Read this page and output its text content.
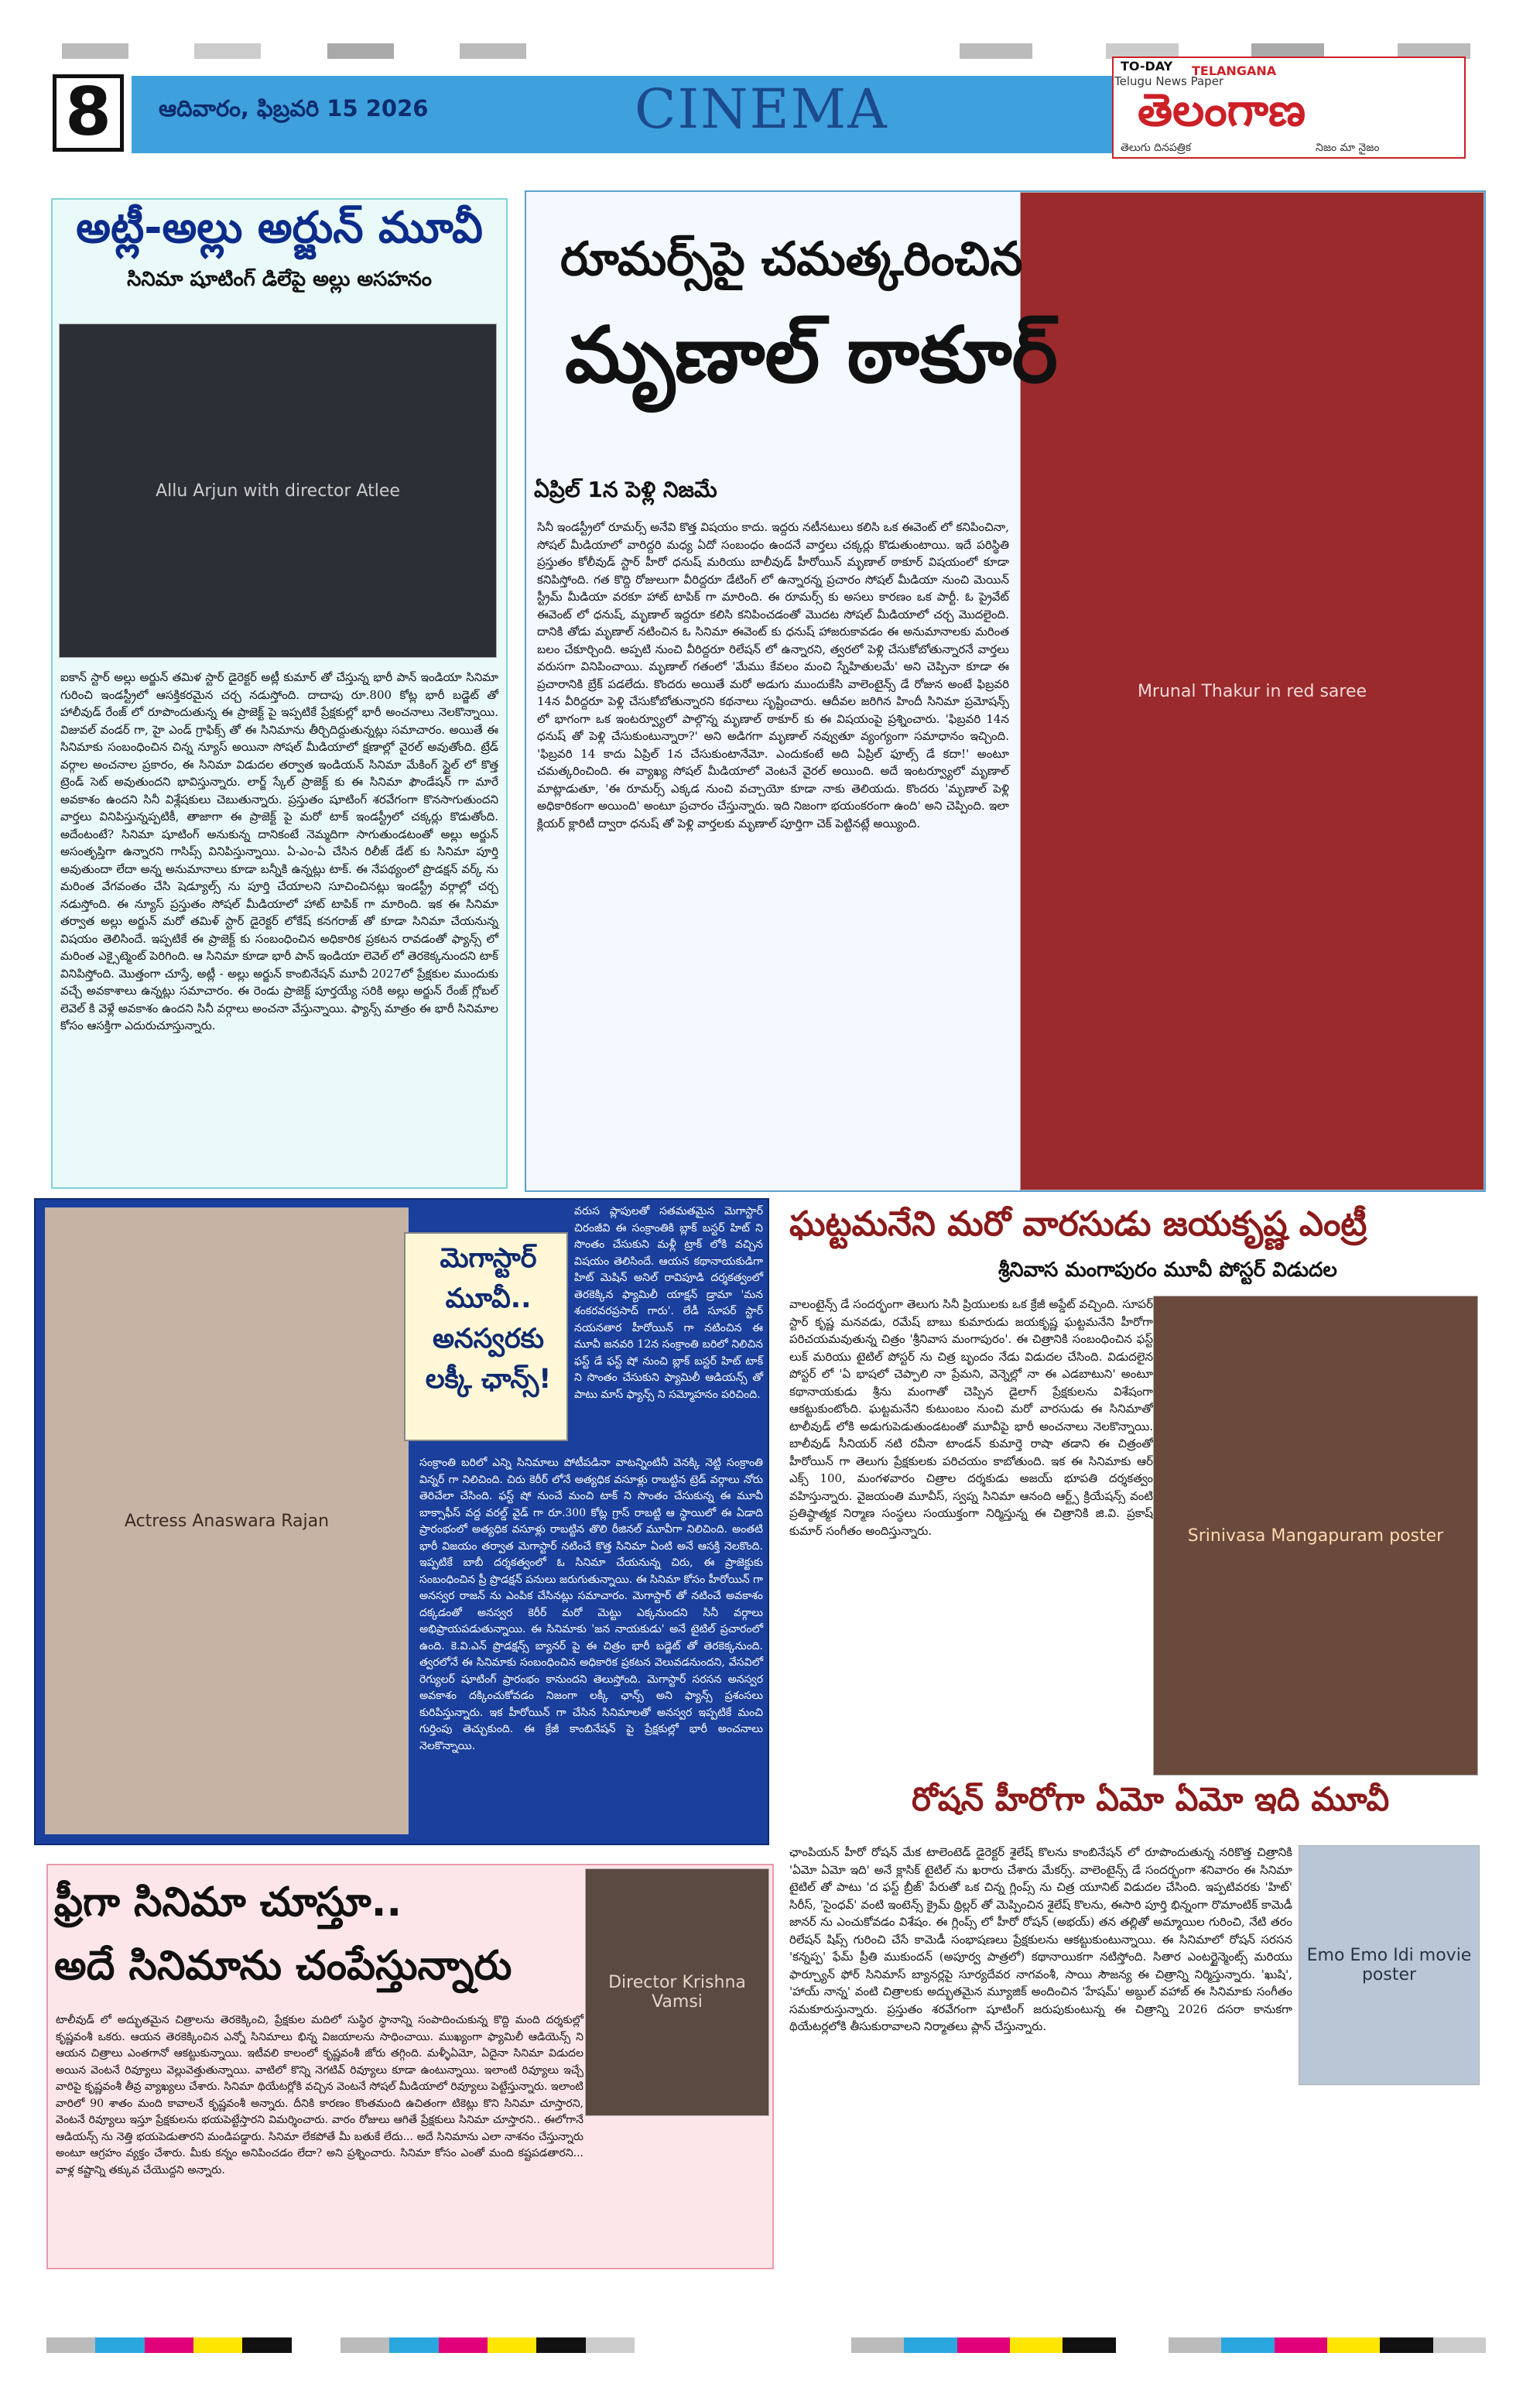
8	ఆదివారం, ఫిబ్రవరి 15 2026	CINEMA
TO-DAY TELANGANA
Telugu News Paper
తెలంగాణ
తెలుగు దినపత్రిక	నిజం మా నైజం
అట్లీ-అల్లు అర్జున్ మూవీ
సినిమా షూటింగ్ డిలేపై అల్లు అసహనం
Allu Arjun with director Atlee

ఐకాన్ స్టార్ అల్లు అర్జున్ తమిళ స్టార్ డైరెక్టర్ అట్లీ కుమార్ తో చేస్తున్న భారీ పాన్ ఇండియా సినిమా గురించి ఇండస్ట్రీలో ఆసక్తికరమైన చర్చ నడుస్తోంది. దాదాపు రూ.800 కోట్ల భారీ బడ్జెట్ తో హాలీవుడ్ రేంజ్ లో రూపొందుతున్న ఈ ప్రాజెక్ట్ పై ఇప్పటికే ప్రేక్షకుల్లో భారీ అంచనాలు నెలకొన్నాయి. విజువల్ వండర్ గా, హై ఎండ్ గ్రాఫిక్స్ తో ఈ సినిమాను తీర్చిదిద్దుతున్నట్లు సమాచారం. అయితే ఈ సినిమాకు సంబంధించిన చిన్న న్యూస్ అయినా సోషల్ మీడియాలో క్షణాల్లో వైరల్ అవుతోంది. ట్రేడ్ వర్గాల అంచనాల ప్రకారం, ఈ సినిమా విడుదల తర్వాత ఇండియన్ సినిమా మేకింగ్ స్టైల్ లో కొత్త ట్రెండ్ సెట్ అవుతుందని భావిస్తున్నారు. లార్జ్ స్కేల్ ప్రాజెక్ట్ కు ఈ సినిమా ఫౌండేషన్ గా మారే అవకాశం ఉందని సినీ విశ్లేషకులు చెబుతున్నారు. ప్రస్తుతం షూటింగ్ శరవేగంగా కొనసాగుతుందని వార్తలు వినిపిస్తున్నప్పటికీ, తాజాగా ఈ ప్రాజెక్ట్ పై మరో టాక్ ఇండస్ట్రీలో చక్కర్లు కొడుతోంది. అదేంటంటే? సినిమా షూటింగ్ అనుకున్న దానికంటే నెమ్మదిగా సాగుతుండటంతో అల్లు అర్జున్ అసంతృప్తిగా ఉన్నారని గాసిప్స్ వినిపిస్తున్నాయి. ఏ-ఎం-ఏ చేసిన రిలీజ్ డేట్ కు సినిమా పూర్తి అవుతుందా లేదా అన్న అనుమానాలు కూడా బన్నీకి ఉన్నట్లు టాక్. ఈ నేపథ్యంలో ప్రొడక్షన్ వర్క్ ను మరింత వేగవంతం చేసి షెడ్యూల్స్ ను పూర్తి చేయాలని సూచించినట్లు ఇండస్ట్రీ వర్గాల్లో చర్చ నడుస్తోంది. ఈ న్యూస్ ప్రస్తుతం సోషల్ మీడియాలో హాట్ టాపిక్ గా మారింది. ఇక ఈ సినిమా తర్వాత అల్లు అర్జున్ మరో తమిళ్ స్టార్ డైరెక్టర్ లోకేష్ కనగరాజ్ తో కూడా సినిమా చేయనున్న విషయం తెలిసిందే. ఇప్పటికే ఈ ప్రాజెక్ట్ కు సంబంధించిన అధికారిక ప్రకటన రావడంతో ఫ్యాన్స్ లో మరింత ఎక్సైట్మెంట్ పెరిగింది. ఆ సినిమా కూడా భారీ పాన్ ఇండియా లెవెల్ లో తెరకెక్కనుందని టాక్ వినిపిస్తోంది. మొత్తంగా చూస్తే, అట్లీ - అల్లు అర్జున్ కాంబినేషన్ మూవీ 2027లో ప్రేక్షకుల ముందుకు వచ్చే అవకాశాలు ఉన్నట్లు సమాచారం. ఈ రెండు ప్రాజెక్ట్ పూర్తయ్యే సరికి అల్లు అర్జున్ రేంజ్ గ్లోబల్ లెవెల్ కి వెళ్లే అవకాశం ఉందని సినీ వర్గాలు అంచనా వేస్తున్నాయి. ఫ్యాన్స్ మాత్రం ఈ భారీ సినిమాల కోసం ఆసక్తిగా ఎదురుచూస్తున్నారు.

Mrunal Thakur in red saree
రూమర్స్‌పై చమత్కరించిన
మృణాల్ ఠాకూర్
ఏప్రిల్ 1న పెళ్లి నిజమే

సినీ ఇండస్ట్రీలో రూమర్స్ అనేవి కొత్త విషయం కాదు. ఇద్దరు నటీనటులు కలిసి ఒక ఈవెంట్ లో కనిపించినా, సోషల్ మీడియాలో వారిద్దరి మధ్య ఏదో సంబంధం ఉందనే వార్తలు చక్కర్లు కొడుతుంటాయి. ఇదే పరిస్థితి ప్రస్తుతం కోలీవుడ్ స్టార్ హీరో ధనుష్ మరియు బాలీవుడ్ హీరోయిన్ మృణాల్ ఠాకూర్ విషయంలో కూడా కనిపిస్తోంది. గత కొద్ది రోజులుగా వీరిద్దరూ డేటింగ్ లో ఉన్నారన్న ప్రచారం సోషల్ మీడియా నుంచి మెయిన్ స్ట్రీమ్ మీడియా వరకూ హాట్ టాపిక్ గా మారింది. ఈ రూమర్స్ కు అసలు కారణం ఒక పార్టీ. ఓ ప్రైవేట్ ఈవెంట్ లో ధనుష్, మృణాల్ ఇద్దరూ కలిసి కనిపించడంతో మొదట సోషల్ మీడియాలో చర్చ మొదలైంది. దానికి తోడు మృణాల్ నటించిన ఓ సినిమా ఈవెంట్ కు ధనుష్ హాజరుకావడం ఈ అనుమానాలకు మరింత బలం చేకూర్చింది. అప్పటి నుంచి వీరిద్దరూ రిలేషన్ లో ఉన్నారని, త్వరలో పెళ్లి చేసుకోబోతున్నారనే వార్తలు వరుసగా వినిపించాయి. మృణాల్ గతంలో 'మేము కేవలం మంచి స్నేహితులమే' అని చెప్పినా కూడా ఈ ప్రచారానికి బ్రేక్ పడలేదు. కొందరు అయితే మరో అడుగు ముందుకేసి వాలెంటైన్స్ డే రోజున అంటే ఫిబ్రవరి 14న వీరిద్దరూ పెళ్లి చేసుకోబోతున్నారని కథనాలు సృష్టించారు. ఆదీవల జరిగిన హిందీ సినిమా ప్రమోషన్స్ లో భాగంగా ఒక ఇంటర్వ్యూలో పాల్గొన్న మృణాల్ ఠాకూర్ కు ఈ విషయంపై ప్రశ్నించారు. 'ఫిబ్రవరి 14న ధనుష్ తో పెళ్లి చేసుకుంటున్నారా?' అని అడిగగా మృణాల్ నవ్వుతూ వ్యంగ్యంగా సమాధానం ఇచ్చింది. 'ఫిబ్రవరి 14 కాదు ఏప్రిల్ 1న చేసుకుంటానేమో. ఎందుకంటే అది ఏప్రిల్ ఫూల్స్ డే కదా!' అంటూ చమత్కరించింది. ఈ వ్యాఖ్య సోషల్ మీడియాలో వెంటనే వైరల్ అయింది. అదే ఇంటర్వ్యూలో మృణాల్ మాట్లాడుతూ, 'ఈ రూమర్స్ ఎక్కడ నుంచి వచ్చాయో కూడా నాకు తెలియదు. కొందరు 'మృణాల్ పెళ్లి అధికారికంగా అయింది' అంటూ ప్రచారం చేస్తున్నారు. ఇది నిజంగా భయంకరంగా ఉంది' అని చెప్పింది. ఇలా క్లియర్ క్లారిటీ ద్వారా ధనుష్ తో పెళ్లి వార్తలకు మృణాల్ పూర్తిగా చెక్ పెట్టినట్లే అయ్యింది.

Actress Anaswara Rajan
మెగాస్టార్
మూవీ..
అనస్వరకు
లక్కీ ఛాన్స్!

వరుస ప్లాపులతో సతమతమైన మెగాస్టార్ చిరంజీవి ఈ సంక్రాంతికి బ్లాక్ బస్టర్ హిట్ ని సొంతం చేసుకుని మళ్లీ ట్రాక్ లోకి వచ్చిన విషయం తెలిసిందే. ఆయన కథానాయకుడిగా హిట్ మెషిన్ అనిల్ రావిపూడి దర్శకత్వంలో తెరకెక్కిన ఫ్యామిలీ యాక్షన్ డ్రామా 'మన శంకరవరప్రసాద్ గారు'. లేడీ సూపర్ స్టార్ నయనతార హీరోయిన్ గా నటించిన ఈ మూవీ జనవరి 12న సంక్రాంతి బరిలో నిలిచిన ఫస్ట్ డే ఫస్ట్ షో నుంచి బ్లాక్ బస్టర్ హిట్ టాక్ ని సొంతం చేసుకుని ఫ్యామిలీ ఆడియన్స్ తో పాటు మాస్ ఫ్యాన్స్ ని సమ్మోహనం పరిచింది.

సంక్రాంతి బరిలో ఎన్ని సినిమాలు పోటీపడినా వాటన్నింటినీ వెనక్కి నెట్టి సంక్రాంతి విన్నర్ గా నిలిచింది. చిరు కెరీర్ లోనే అత్యధిక వసూళ్లు రాబట్టిన ట్రెడ్ వర్గాలు నోరు తెరిచేలా చేసింది. ఫస్ట్ షో నుంచే మంచి టాక్ ని సొంతం చేసుకున్న ఈ మూవీ బాక్సాఫీస్ వద్ద వరల్డ్ వైడ్ గా రూ.300 కోట్ల గ్రాస్ రాబట్టి ఆ స్థాయిలో ఈ ఏడాది ప్రారంభంలో అత్యధిక వసూళ్లు రాబట్టిన తొలి రీజినల్ మూవీగా నిలిచింది. అంతటి భారీ విజయం తర్వాత మెగాస్టార్ నటించే కొత్త సినిమా ఏంటి అనే ఆసక్తి నెలకొంది. ఇప్పటికే బాబీ దర్శకత్వంలో ఓ సినిమా చేయనున్న చిరు, ఈ ప్రాజెక్టుకు సంబంధించిన ప్రీ ప్రొడక్షన్ పనులు జరుగుతున్నాయి. ఈ సినిమా కోసం హీరోయిన్ గా అనస్వర రాజన్ ను ఎంపిక చేసినట్లు సమాచారం. మెగాస్టార్ తో నటించే అవకాశం దక్కడంతో అనస్వర కెరీర్ మరో మెట్టు ఎక్కనుందని సినీ వర్గాలు అభిప్రాయపడుతున్నాయి. ఈ సినిమాకు 'జన నాయకుడు' అనే టైటిల్ ప్రచారంలో ఉంది. కె.వి.ఎన్ ప్రొడక్షన్స్ బ్యానర్ పై ఈ చిత్రం భారీ బడ్జెట్ తో తెరకెక్కనుంది. త్వరలోనే ఈ సినిమాకు సంబంధించిన అధికారిక ప్రకటన వెలువడనుందని, వేసవిలో రెగ్యులర్ షూటింగ్ ప్రారంభం కానుందని తెలుస్తోంది. మెగాస్టార్ సరసన అనస్వర అవకాశం దక్కించుకోవడం నిజంగా లక్కీ ఛాన్స్ అని ఫ్యాన్స్ ప్రశంసలు కురిపిస్తున్నారు. ఇక హీరోయిన్ గా చేసిన సినిమాలతో అనస్వర ఇప్పటికే మంచి గుర్తింపు తెచ్చుకుంది. ఈ క్రేజీ కాంబినేషన్ పై ప్రేక్షకుల్లో భారీ అంచనాలు నెలకొన్నాయి.

ఘట్టమనేని మరో వారసుడు జయకృష్ణ ఎంట్రీ
శ్రీనివాస మంగాపురం మూవీ పోస్టర్ విడుదల

వాలంటైన్స్ డే సందర్భంగా తెలుగు సినీ ప్రియులకు ఒక క్రేజీ అప్డేట్ వచ్చింది. సూపర్ స్టార్ కృష్ణ మనవడు, రమేష్ బాబు కుమారుడు జయకృష్ణ ఘట్టమనేని హీరోగా పరిచయమవుతున్న చిత్రం 'శ్రీనివాస మంగాపురం'. ఈ చిత్రానికి సంబంధించిన ఫస్ట్ లుక్ మరియు టైటిల్ పోస్టర్ ను చిత్ర బృందం నేడు విడుదల చేసింది. విడుదలైన పోస్టర్ లో 'ఏ భాషలో చెప్పాలి నా ప్రేమని, వెన్నెల్లో నా ఈ ఎడబాటుని' అంటూ కథానాయకుడు శ్రీను మంగాతో చెప్పిన డైలాగ్ ప్రేక్షకులను విశేషంగా ఆకట్టుకుంటోంది. ఘట్టమనేని కుటుంబం నుంచి మరో వారసుడు ఈ సినిమాతో టాలీవుడ్ లోకి అడుగుపెడుతుండటంతో మూవీపై భారీ అంచనాలు నెలకొన్నాయి. బాలీవుడ్ సీనియర్ నటి రవీనా టాండన్ కుమార్తె రాషా తడాని ఈ చిత్రంతో హీరోయిన్ గా తెలుగు ప్రేక్షకులకు పరిచయం కాబోతుంది. ఇక ఈ సినిమాకు ఆర్ ఎక్స్ 100, మంగళవారం చిత్రాల దర్శకుడు అజయ్ భూపతి దర్శకత్వం వహిస్తున్నారు. వైజయంతి మూవీస్, స్వప్న సినిమా ఆనంది ఆర్ట్స్ క్రియేషన్స్ వంటి ప్రతిష్ఠాత్మక నిర్మాణ సంస్థలు సంయుక్తంగా నిర్మిస్తున్న ఈ చిత్రానికి జి.వి. ప్రకాష్ కుమార్ సంగీతం అందిస్తున్నారు.	Srinivasa Mangapuram poster
రోషన్ హీరోగా ఏమో ఏమో ఇది మూవీ

ఛాంపియన్ హీరో రోషన్ మేక టాలెంటెడ్ డైరెక్టర్ శైలేష్ కొలను కాంబినేషన్ లో రూపొందుతున్న నరికొత్త చిత్రానికి 'ఏమో ఏమో ఇది' అనే క్లాసిక్ టైటిల్ ను ఖరారు చేశారు మేకర్స్. వాలెంటైన్స్ డే సందర్భంగా శనివారం ఈ సినిమా టైటిల్ తో పాటు 'ద ఫస్ట్ బ్రీజ్' పేరుతో ఒక చిన్న గ్లింప్స్ ను చిత్ర యూనిట్ విడుదల చేసింది. ఇప్పటివరకు 'హిట్' సిరీస్, 'సైంధవ్' వంటి ఇంటెన్స్ క్రైమ్ థ్రిల్లర్ తో మెప్పించిన శైలేష్ కొలను, ఈసారి పూర్తి భిన్నంగా రొమాంటిక్ కామెడీ జానర్ ను ఎంచుకోవడం విశేషం. ఈ గ్లింప్స్ లో హీరో రోషన్ (అభయ్) తన తల్లితో అమ్మాయిల గురించి, నేటి తరం రిలేషన్ షిప్స్ గురించి చేసే కామెడీ సంభాషణలు ప్రేక్షకులను ఆకట్టుకుంటున్నాయి. ఈ సినిమాలో రోషన్ సరసన 'కన్నప్ప' ఫేమ్ ప్రీతి ముకుందన్ (అపూర్వ పాత్రలో) కథానాయికగా నటిస్తోంది. సితార ఎంటర్టైన్మెంట్స్ మరియు ఫార్చ్యూన్ ఫోర్ సినిమాస్ బ్యానర్లపై సూర్యదేవర నాగవంశీ, సాయి సౌజన్య ఈ చిత్రాన్ని నిర్మిస్తున్నారు. 'ఖుషి', 'హాయ్ నాన్న' వంటి చిత్రాలకు అద్భుతమైన మ్యూజిక్ అందించిన 'హేషమ్' అబ్దుల్ వహాబ్ ఈ సినిమాకు సంగీతం సమకూరుస్తున్నారు. ప్రస్తుతం శరవేగంగా షూటింగ్ జరుపుకుంటున్న ఈ చిత్రాన్ని 2026 దసరా కానుకగా థియేటర్లలోకి తీసుకురావాలని నిర్మాతలు ప్లాన్ చేస్తున్నారు.

Emo Emo Idi movie poster
ఫ్రీగా సినిమా చూస్తూ..
అదే సినిమాను చంపేస్తున్నారు

టాలీవుడ్ లో అద్భుతమైన చిత్రాలను తెరకెక్కించి, ప్రేక్షకుల మదిలో సుస్థిర స్థానాన్ని సంపాదించుకున్న కొద్ది మంది దర్శకుల్లో కృష్ణవంశీ ఒకరు. ఆయన తెరకెక్కించిన ఎన్నో సినిమాలు భిన్న విజయాలను సాధించాయి. ముఖ్యంగా ఫ్యామిలీ ఆడియెన్స్ ని ఆయన చిత్రాలు ఎంతగానో ఆకట్టుకున్నాయి. ఇటీవలి కాలంలో కృష్ణవంశీ జోరు తగ్గింది. మళ్ళీఏమో, ఏదైనా సినిమా విడుదల అయిన వెంటనే రివ్యూలు వెల్లువెత్తుతున్నాయి. వాటిలో కొన్ని నెగటివ్ రివ్యూలు కూడా ఉంటున్నాయి. ఇలాంటి రివ్యూలు ఇచ్చే వారిపై కృష్ణవంశీ తీవ్ర వ్యాఖ్యలు చేశారు. సినిమా థియేటర్లోకి వచ్చిన వెంటనే సోషల్ మీడియాలో రివ్యూలు పెట్టేస్తున్నారు. ఇలాంటి వారిలో 90 శాతం మంది కావాలనే కృష్ణవంశీ అన్నారు. దీనికి కారణం కొంతమంది ఉచితంగా టికెట్లు కొని సినిమా చూస్తారని, వెంటనే రివ్యూలు ఇస్తూ ప్రేక్షకులను భయపెట్టేస్తారని విమర్శించారు. వారం రోజులు ఆగితే ప్రేక్షకులు సినిమా చూస్తారని.. ఈలోగానే ఆడియన్స్ ను నెత్తి భయపెడుతారని మండిపడ్డారు. సినిమా లేకపోతే మీ బతుకే లేదు... అదే సినిమాను ఎలా నాశనం చేస్తున్నారు అంటూ ఆగ్రహం వ్యక్తం చేశారు. మీకు కన్నం అనిపించడం లేదా? అని ప్రశ్నించారు. సినిమా కోసం ఎంతో మంది కష్టపడతారని... వాళ్ల కష్టాన్ని తక్కువ చేయొద్దని అన్నారు.

Director Krishna Vamsi
